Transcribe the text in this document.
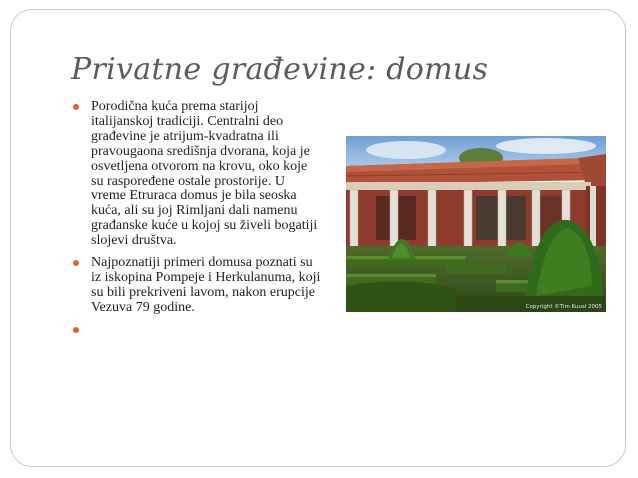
Privatne građevine: domus
Porodična kuća prema starijoj italijanskoj tradiciji. Centralni deo građevine je atrijum-kvadratna ili pravougaona središnja dvorana, koja je osvetljena otvorom na krovu, oko koje su raspoređene ostale prostorije. U vreme Etruraca domus je bila seoska kuća, ali su joj Rimljani dali namenu građanske kuće u kojoj su živeli bogatiji slojevi društva.
Najpoznatiji primeri domusa poznati su iz iskopina Pompeje i Herkulanuma, koji su bili prekriveni lavom, nakon erupcije Vezuva 79 godine.	Copyright ©Tim Kuusi 2005
